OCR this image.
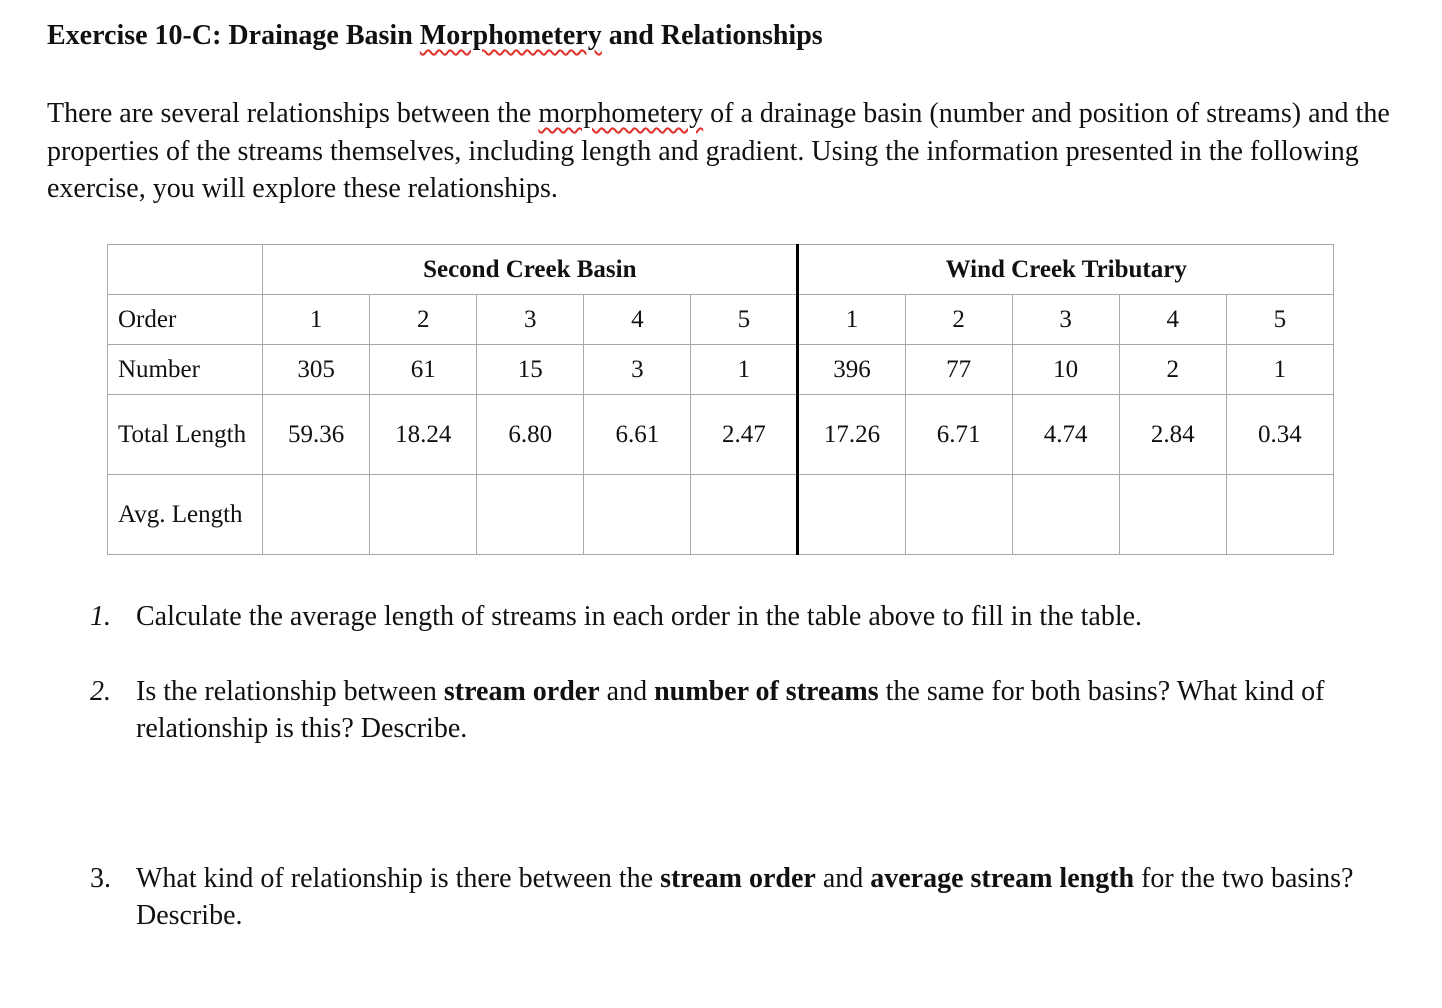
Exercise 10-C: Drainage Basin Morphometery and Relationships
There are several relationships between the morphometery of a drainage basin (number and position of streams) and the properties of the streams themselves, including length and gradient. Using the information presented in the following exercise, you will explore these relationships.
	Second Creek Basin					Wind Creek Tributary				
Order	1	2	3	4	5	1	2	3	4	5
Number	305	61	15	3	1	396	77	10	2	1
Total Length	59.36	18.24	6.80	6.61	2.47	17.26	6.71	4.74	2.84	0.34
Avg. Length										
1. Calculate the average length of streams in each order in the table above to fill in the table.
2. Is the relationship between stream order and number of streams the same for both basins? What kind of relationship is this? Describe.
3. What kind of relationship is there between the stream order and average stream length for the two basins? Describe.
